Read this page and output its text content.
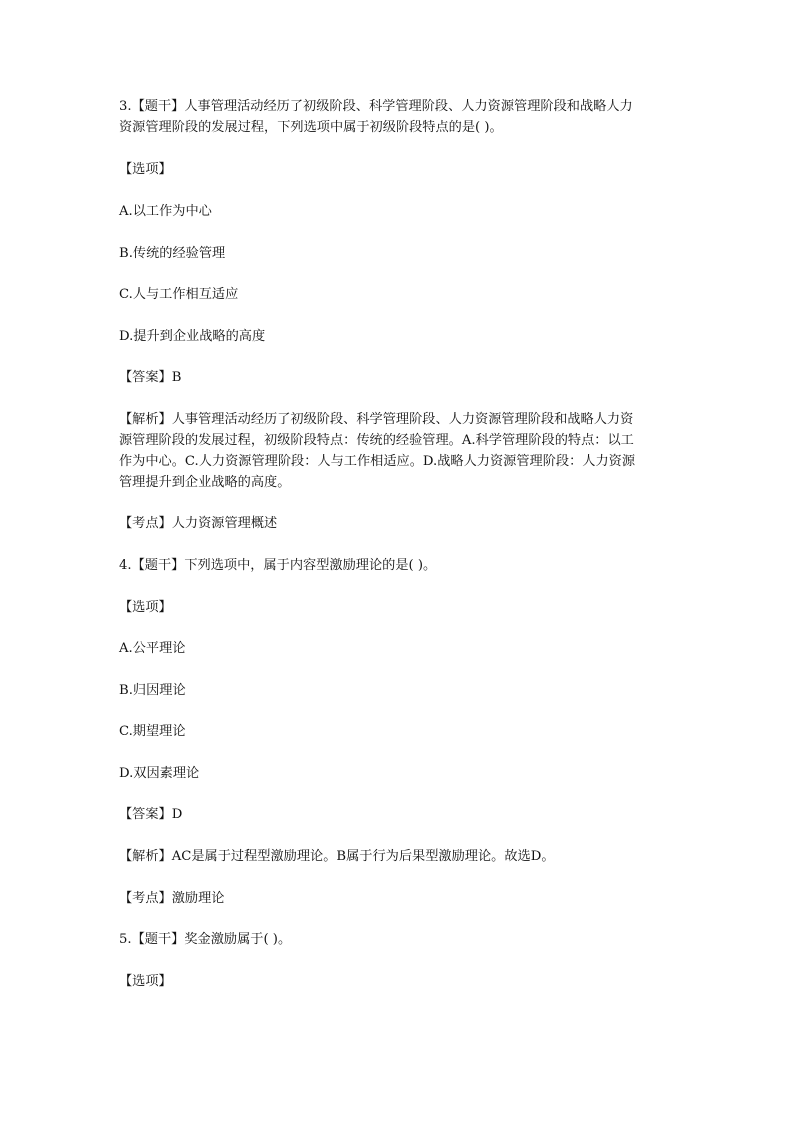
3.【题干】人事管理活动经历了初级阶段、科学管理阶段、人力资源管理阶段和战略人力
资源管理阶段的发展过程，下列选项中属于初级阶段特点的是( )。
【选项】
A.以工作为中心
B.传统的经验管理
C.人与工作相互适应
D.提升到企业战略的高度
【答案】B
【解析】人事管理活动经历了初级阶段、科学管理阶段、人力资源管理阶段和战略人力资
源管理阶段的发展过程，初级阶段特点：传统的经验管理。A.科学管理阶段的特点：以工
作为中心。C.人力资源管理阶段：人与工作相适应。D.战略人力资源管理阶段：人力资源
管理提升到企业战略的高度。
【考点】人力资源管理概述
4.【题干】下列选项中，属于内容型激励理论的是( )。
【选项】
A.公平理论
B.归因理论
C.期望理论
D.双因素理论
【答案】D
【解析】AC是属于过程型激励理论。B属于行为后果型激励理论。故选D。
【考点】激励理论
5.【题干】奖金激励属于( )。
【选项】
